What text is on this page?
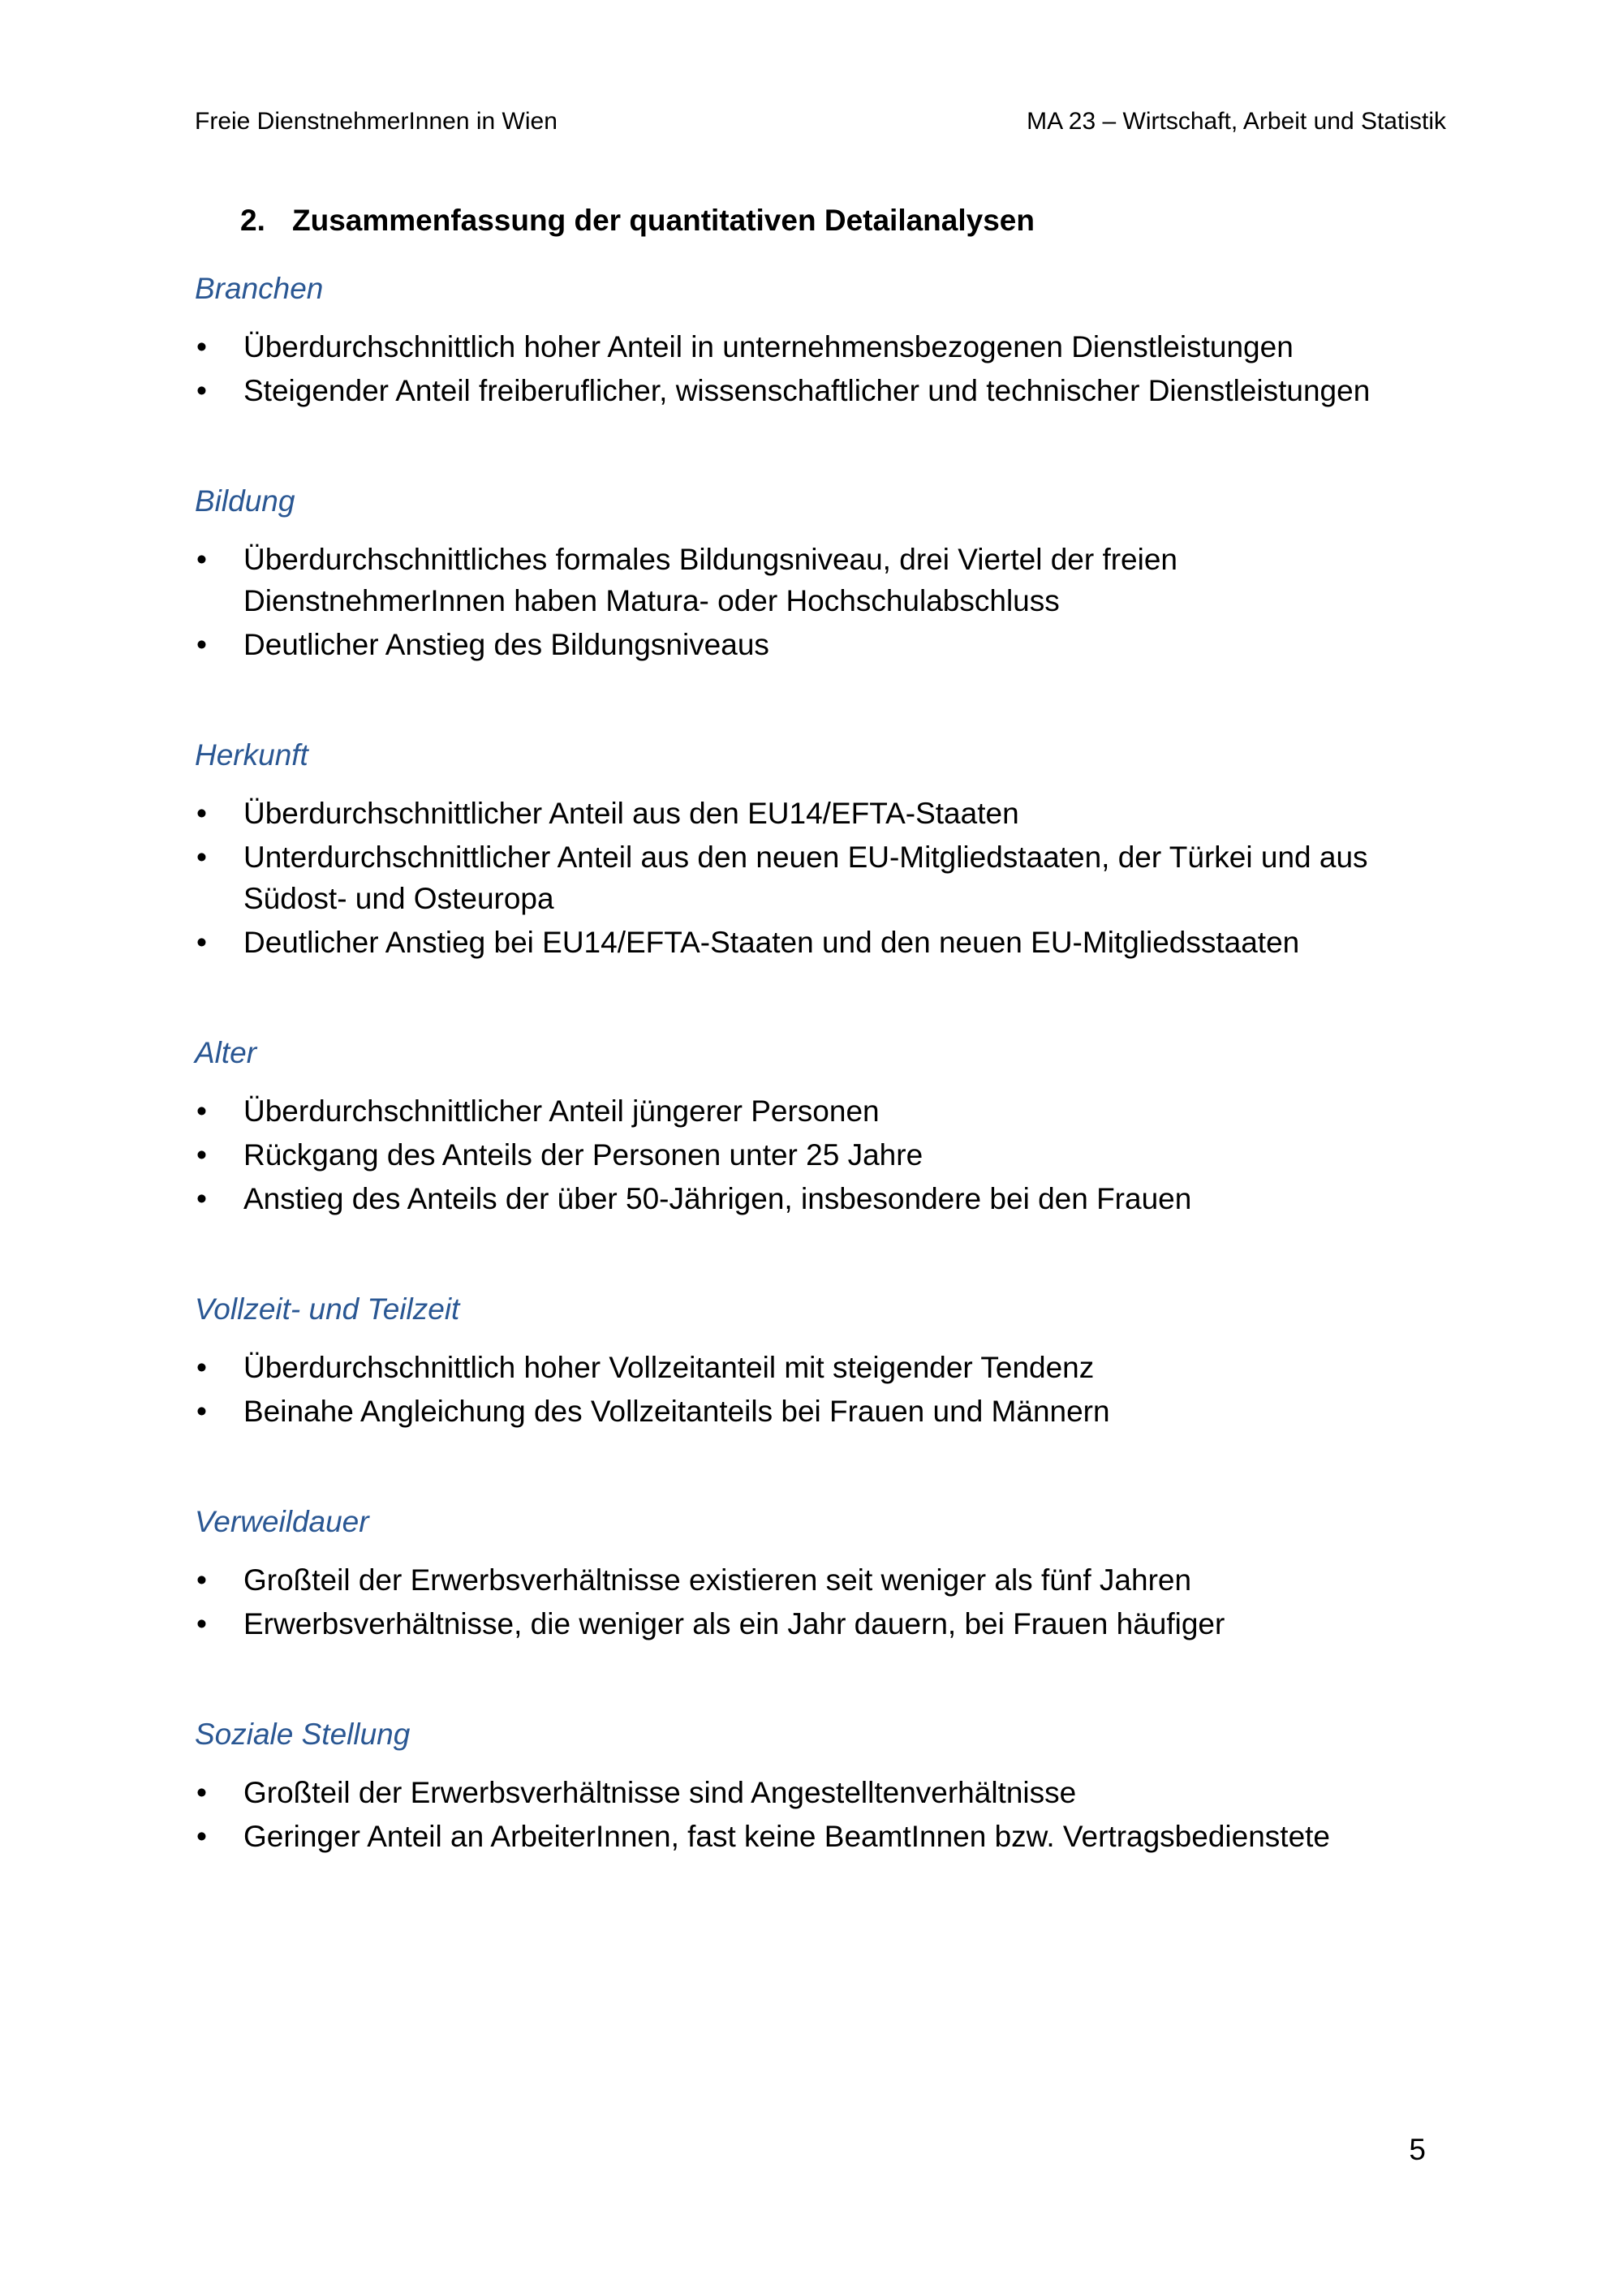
Freie DienstnehmerInnen in Wien	MA 23 – Wirtschaft, Arbeit und Statistik
2. Zusammenfassung der quantitativen Detailanalysen
Branchen
• Überdurchschnittlich hoher Anteil in unternehmensbezogenen Dienstleistungen
• Steigender Anteil freiberuflicher, wissenschaftlicher und technischer Dienstleistungen
Bildung
• Überdurchschnittliches formales Bildungsniveau, drei Viertel der freien DienstnehmerInnen haben Matura- oder Hochschulabschluss
• Deutlicher Anstieg des Bildungsniveaus
Herkunft
• Überdurchschnittlicher Anteil aus den EU14/EFTA-Staaten
• Unterdurchschnittlicher Anteil aus den neuen EU-Mitgliedstaaten, der Türkei und aus Südost- und Osteuropa
• Deutlicher Anstieg bei EU14/EFTA-Staaten und den neuen EU-Mitgliedsstaaten
Alter
• Überdurchschnittlicher Anteil jüngerer Personen
• Rückgang des Anteils der Personen unter 25 Jahre
• Anstieg des Anteils der über 50-Jährigen, insbesondere bei den Frauen
Vollzeit- und Teilzeit
• Überdurchschnittlich hoher Vollzeitanteil mit steigender Tendenz
• Beinahe Angleichung des Vollzeitanteils bei Frauen und Männern
Verweildauer
• Großteil der Erwerbsverhältnisse existieren seit weniger als fünf Jahren
• Erwerbsverhältnisse, die weniger als ein Jahr dauern, bei Frauen häufiger
Soziale Stellung
• Großteil der Erwerbsverhältnisse sind Angestelltenverhältnisse
• Geringer Anteil an ArbeiterInnen, fast keine BeamtInnen bzw. Vertragsbedienstete
5
